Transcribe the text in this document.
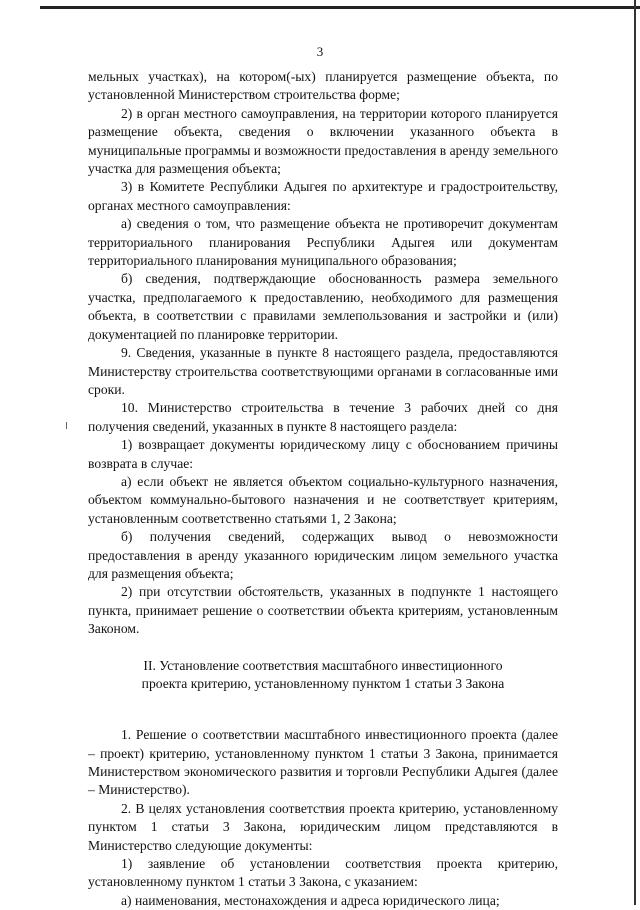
3

мельных участках), на котором(-ых) планируется размещение объекта, по установленной Министерством строительства форме;

2) в орган местного самоуправления, на территории которого планируется размещение объекта, сведения о включении указанного объекта в муниципальные программы и возможности предоставления в аренду земельного участка для размещения объекта;

3) в Комитете Республики Адыгея по архитектуре и градостроительству, органах местного самоуправления:

а) сведения о том, что размещение объекта не противоречит документам территориального планирования Республики Адыгея или документам территориального планирования муниципального образования;

б) сведения, подтверждающие обоснованность размера земельного участка, предполагаемого к предоставлению, необходимого для размещения объекта, в соответствии с правилами землепользования и застройки и (или) документацией по планировке территории.

9. Сведения, указанные в пункте 8 настоящего раздела, предоставляются Министерству строительства соответствующими органами в согласованные ими сроки.

10. Министерство строительства в течение 3 рабочих дней со дня получения сведений, указанных в пункте 8 настоящего раздела:

1) возвращает документы юридическому лицу с обоснованием причины возврата в случае:

а) если объект не является объектом социально-культурного назначения, объектом коммунально-бытового назначения и не соответствует критериям, установленным соответственно статьями 1, 2 Закона;

б) получения сведений, содержащих вывод о невозможности предоставления в аренду указанного юридическим лицом земельного участка для размещения объекта;

2) при отсутствии обстоятельств, указанных в подпункте 1 настоящего пункта, принимает решение о соответствии объекта критериям, установленным Законом.

II. Установление соответствия масштабного инвестиционного
проекта критерию, установленному пунктом 1 статьи 3 Закона

1. Решение о соответствии масштабного инвестиционного проекта (далее – проект) критерию, установленному пунктом 1 статьи 3 Закона, принимается Министерством экономического развития и торговли Республики Адыгея (далее – Министерство).

2. В целях установления соответствия проекта критерию, установленному пунктом 1 статьи 3 Закона, юридическим лицом представляются в Министерство следующие документы:

1) заявление об установлении соответствия проекта критерию, установленному пунктом 1 статьи 3 Закона, с указанием:

а) наименования, местонахождения и адреса юридического лица;
